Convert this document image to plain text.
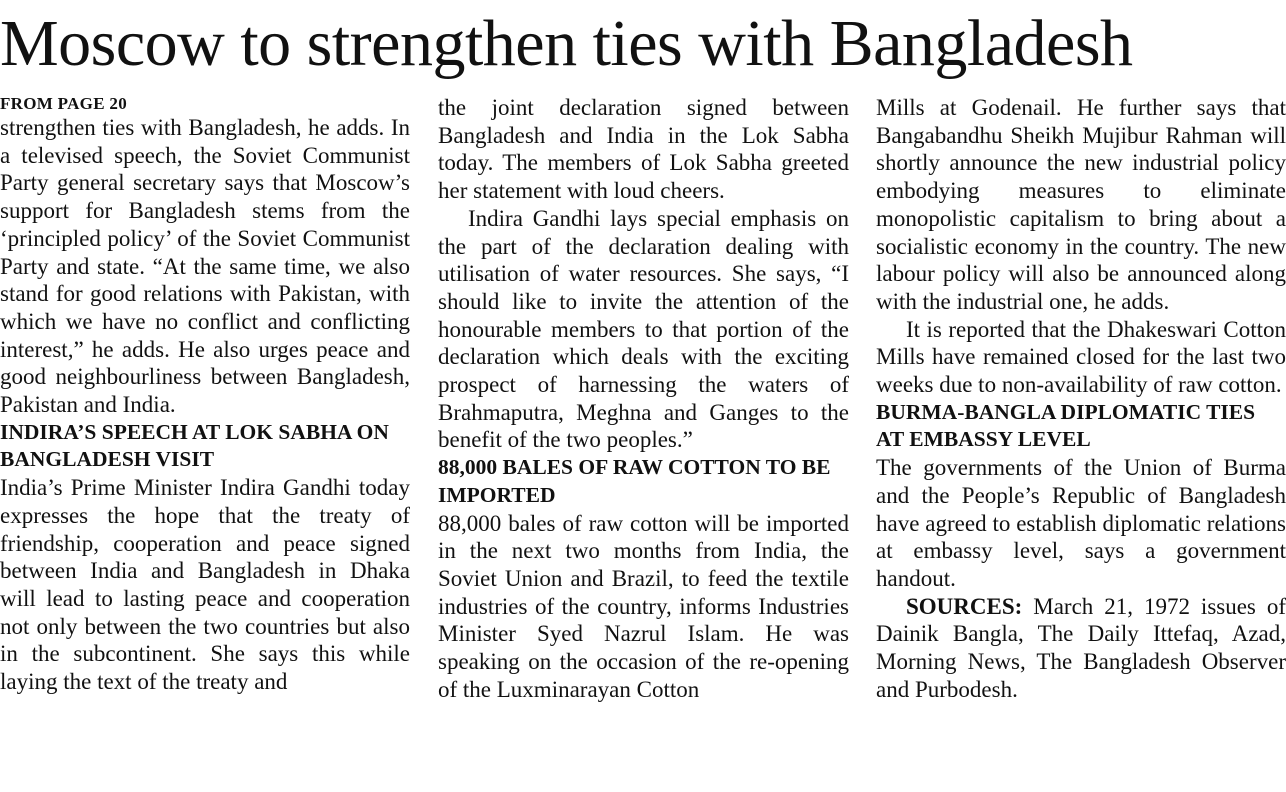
Moscow to strengthen ties with Bangladesh
FROM PAGE 20

strengthen ties with Bangladesh, he adds. In a televised speech, the Soviet Communist Party general secretary says that Moscow’s support for Bangladesh stems from the ‘principled policy’ of the Soviet Communist Party and state. “At the same time, we also stand for good relations with Pakistan, with which we have no conflict and conflicting interest,” he adds. He also urges peace and good neighbourliness between Bangladesh, Pakistan and India.

INDIRA’S SPEECH AT LOK SABHA ON BANGLADESH VISIT

India’s Prime Minister Indira Gandhi today expresses the hope that the treaty of friendship, cooperation and peace signed between India and Bangladesh in Dhaka will lead to lasting peace and cooperation not only between the two countries but also in the subcontinent. She says this while laying the text of the treaty and

the joint declaration signed between Bangladesh and India in the Lok Sabha today. The members of Lok Sabha greeted her statement with loud cheers.

Indira Gandhi lays special emphasis on the part of the declaration dealing with utilisation of water resources. She says, “I should like to invite the attention of the honourable members to that portion of the declaration which deals with the exciting prospect of harnessing the waters of Brahmaputra, Meghna and Ganges to the benefit of the two peoples.”

88,000 BALES OF RAW COTTON TO BE IMPORTED

88,000 bales of raw cotton will be imported in the next two months from India, the Soviet Union and Brazil, to feed the textile industries of the country, informs Industries Minister Syed Nazrul Islam. He was speaking on the occasion of the re-opening of the Luxminarayan Cotton

Mills at Godenail. He further says that Bangabandhu Sheikh Mujibur Rahman will shortly announce the new industrial policy embodying measures to eliminate monopolistic capitalism to bring about a socialistic economy in the country. The new labour policy will also be announced along with the industrial one, he adds.

It is reported that the Dhakeswari Cotton Mills have remained closed for the last two weeks due to non-availability of raw cotton.

BURMA-BANGLA DIPLOMATIC TIES AT EMBASSY LEVEL

The governments of the Union of Burma and the People’s Republic of Bangladesh have agreed to establish diplomatic relations at embassy level, says a government handout.

SOURCES: March 21, 1972 issues of Dainik Bangla, The Daily Ittefaq, Azad, Morning News, The Bangladesh Observer and Purbodesh.
